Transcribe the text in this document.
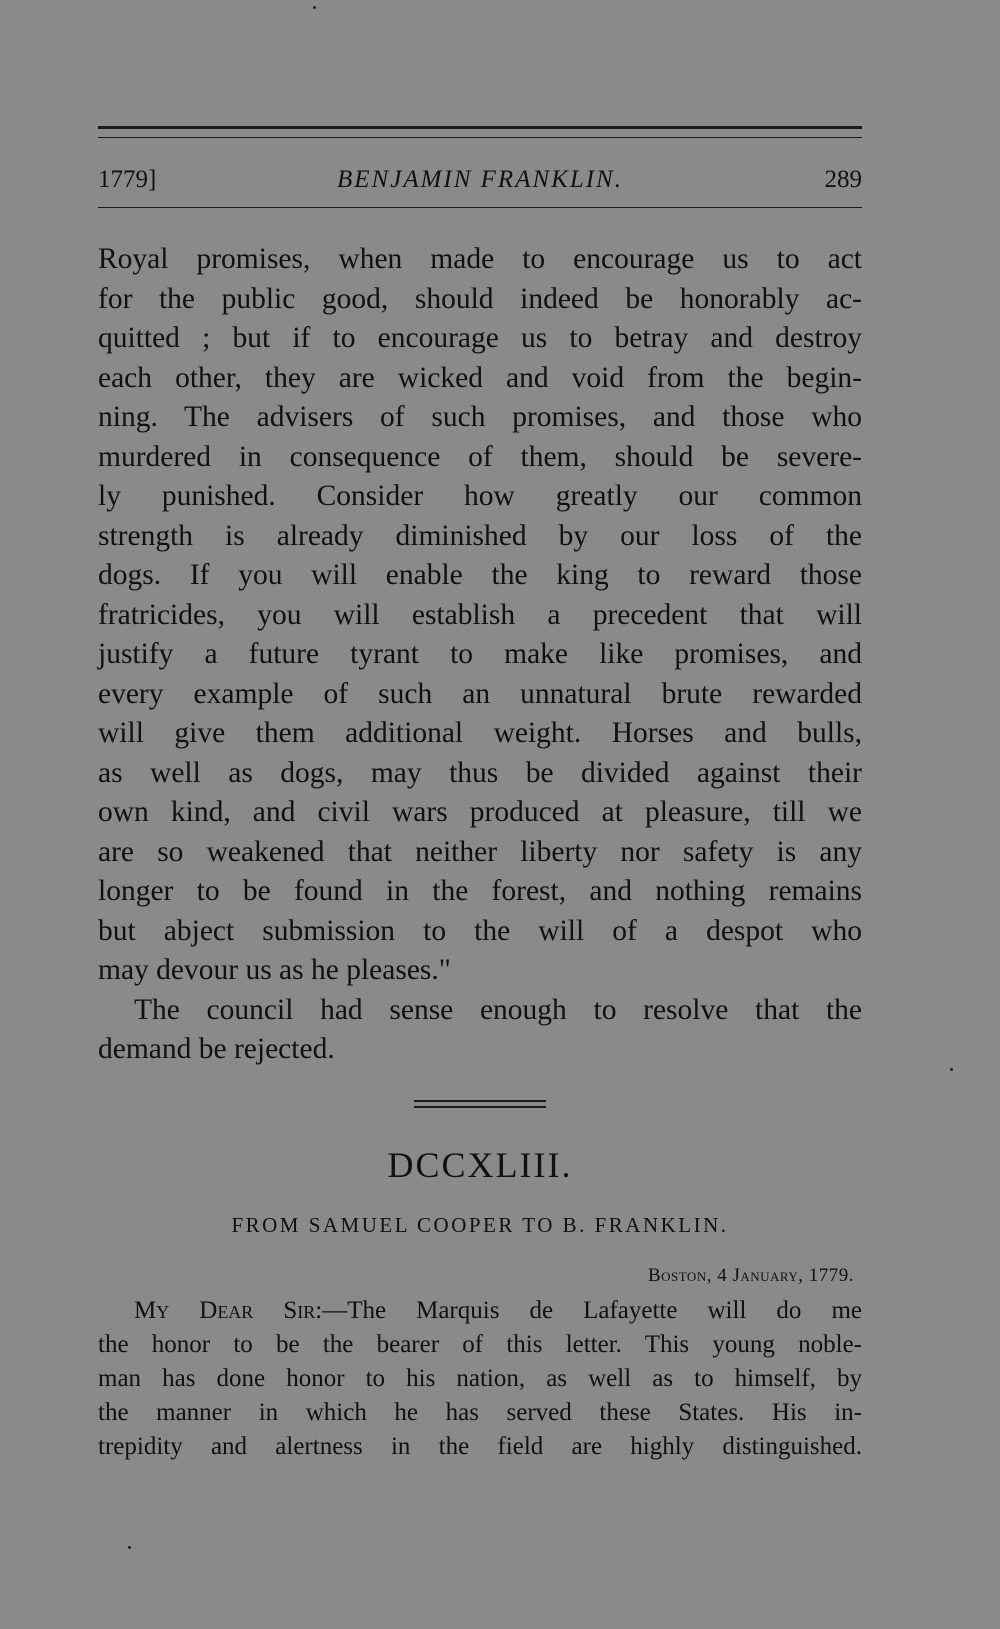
1779]	BENJAMIN FRANKLIN.	289
Royal promises, when made to encourage us to act
for the public good, should indeed be honorably ac-
quitted ; but if to encourage us to betray and destroy
each other, they are wicked and void from the begin-
ning. The advisers of such promises, and those who
murdered in consequence of them, should be severe-
ly punished. Consider how greatly our common
strength is already diminished by our loss of the
dogs. If you will enable the king to reward those
fratricides, you will establish a precedent that will
justify a future tyrant to make like promises, and
every example of such an unnatural brute rewarded
will give them additional weight. Horses and bulls,
as well as dogs, may thus be divided against their
own kind, and civil wars produced at pleasure, till we
are so weakened that neither liberty nor safety is any
longer to be found in the forest, and nothing remains
but abject submission to the will of a despot who
may devour us as he pleases."
The council had sense enough to resolve that the
demand be rejected.
DCCXLIII.
FROM SAMUEL COOPER TO B. FRANKLIN.
Boston, 4 January, 1779.
My Dear Sir:—The Marquis de Lafayette will do me
the honor to be the bearer of this letter. This young noble-
man has done honor to his nation, as well as to himself, by
the manner in which he has served these States. His in-
trepidity and alertness in the field are highly distinguished.
